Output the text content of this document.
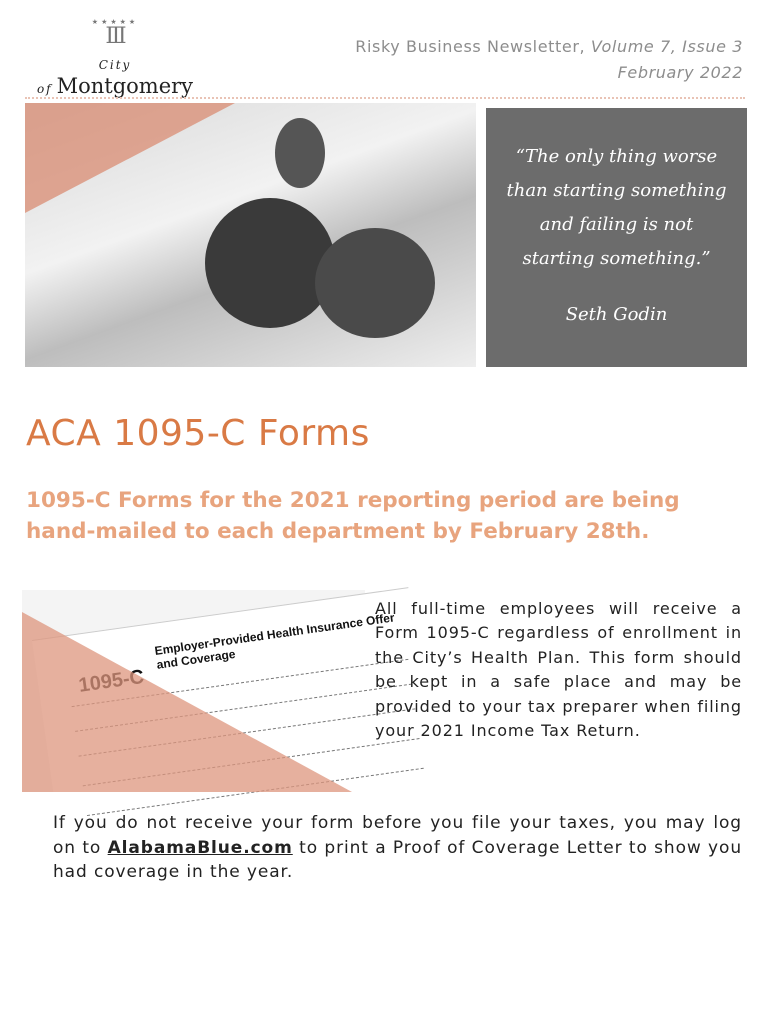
★★★★★
Ⅲ
City of Montgomery
Risky Business Newsletter, Volume 7, Issue 3
February 2022
“The only thing worse than starting something and failing is not starting something.”
Seth Godin
ACA 1095-C Forms
1095-C Forms for the 2021 reporting period are being hand-mailed to each department by February 28th.
1095-C
Employer-Provided Health Insurance Offer and Coverage
All full-time employees will receive a Form 1095-C regardless of enrollment in the City’s Health Plan. This form should be kept in a safe place and may be provided to your tax preparer when filing your 2021 Income Tax Return.
If you do not receive your form before you file your taxes, you may log on to AlabamaBlue.com to print a Proof of Coverage Letter to show you had coverage in the year.
